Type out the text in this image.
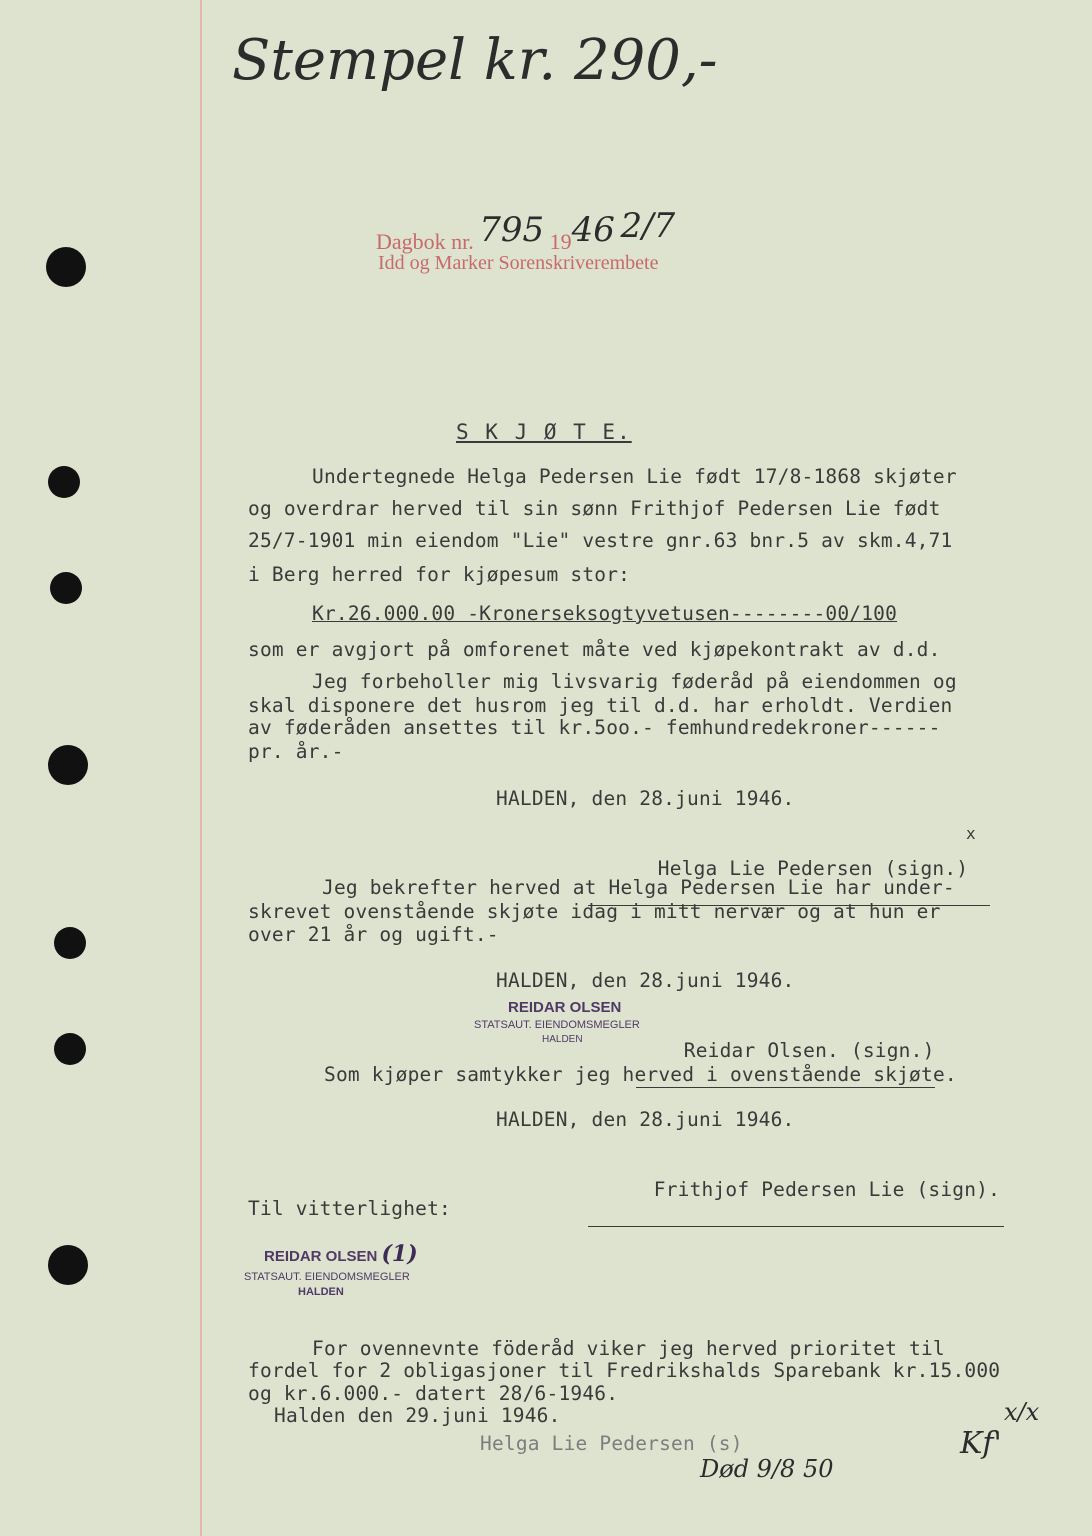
Stempel kr. 290,-
Dagbok nr. 795 1946 2/7
Idd og Marker Sorenskriverembete
S K J Ø T E.
Undertegnede Helga Pedersen Lie født 17/8-1868 skjøter
og overdrar herved til sin sønn Frithjof Pedersen Lie født
25/7-1901 min eiendom "Lie" vestre gnr.63 bnr.5 av skm.4,71
i Berg herred for kjøpesum stor:
Kr.26.000.00 -Kronerseksogtyvetusen--------00/100
som er avgjort på omforenet måte ved kjøpekontrakt av d.d.
Jeg forbeholler mig livsvarig føderåd på eiendommen og
skal disponere det husrom jeg til d.d. har erholdt. Verdien
av føderåden ansettes til kr.5oo.- femhundredekroner------
pr. år.-
HALDEN, den 28.juni 1946.

Helga Lie Pedersen (sign.)

x
Jeg bekrefter herved at Helga Pedersen Lie har under-
skrevet ovenstående skjøte idag i mitt nervær og at hun er
over 21 år og ugift.-
HALDEN, den 28.juni 1946.
REIDAR OLSEN
STATSAUT. EIENDOMSMEGLER
HALDEN	Reidar Olsen. (sign.)

Som kjøper samtykker jeg herved i ovenstående skjøte.
HALDEN, den 28.juni 1946.

Frithjof Pedersen Lie (sign).

Til vitterlighet:
REIDAR OLSEN (1)
STATSAUT. EIENDOMSMEGLER
HALDEN
For ovennevnte föderåd viker jeg herved prioritet til
fordel for 2 obligasjoner til Fredrikshalds Sparebank kr.15.000
og kr.6.000.- datert 28/6-1946.
Halden den 29.juni 1946.
Helga Lie Pedersen (s)
Død 9/8 50
x/x
Kf'
